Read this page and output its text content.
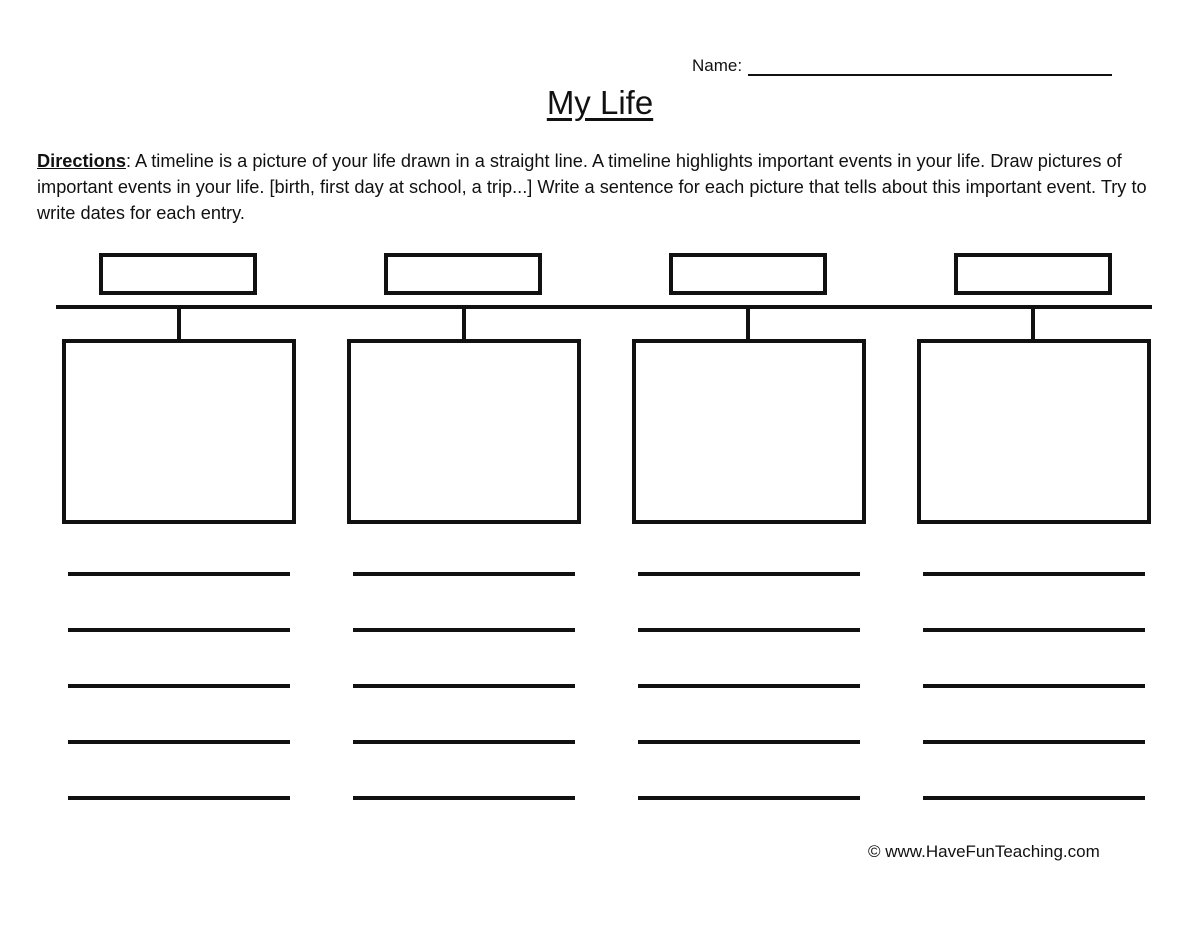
Name:
My Life
Directions: A timeline is a picture of your life drawn in a straight line. A timeline highlights important events in your life. Draw pictures of important events in your life. [birth, first day at school, a trip...] Write a sentence for each picture that tells about this important event. Try to write dates for each entry.
© www.HaveFunTeaching.com
